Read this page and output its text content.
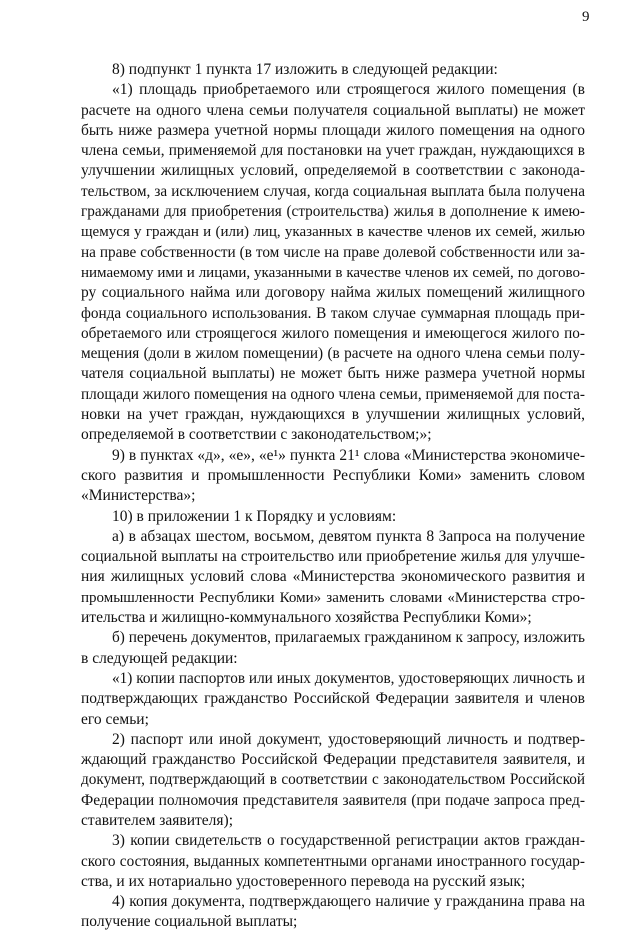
9
8) подпункт 1 пункта 17 изложить в следующей редакции:
«1) площадь приобретаемого или строящегося жилого помещения (в
расчете на одного члена семьи получателя социальной выплаты) не может
быть ниже размера учетной нормы площади жилого помещения на одного
члена семьи, применяемой для постановки на учет граждан, нуждающихся в
улучшении жилищных условий, определяемой в соответствии с законода-
тельством, за исключением случая, когда социальная выплата была получена
гражданами для приобретения (строительства) жилья в дополнение к имею-
щемуся у граждан и (или) лиц, указанных в качестве членов их семей, жилью
на праве собственности (в том числе на праве долевой собственности или за-
нимаемому ими и лицами, указанными в качестве членов их семей, по догово-
ру социального найма или договору найма жилых помещений жилищного
фонда социального использования. В таком случае суммарная площадь при-
обретаемого или строящегося жилого помещения и имеющегося жилого по-
мещения (доли в жилом помещении) (в расчете на одного члена семьи полу-
чателя социальной выплаты) не может быть ниже размера учетной нормы
площади жилого помещения на одного члена семьи, применяемой для поста-
новки на учет граждан, нуждающихся в улучшении жилищных условий,
определяемой в соответствии с законодательством;»;
9) в пунктах «д», «е», «е¹» пункта 21¹ слова «Министерства экономиче-
ского развития и промышленности Республики Коми» заменить словом
«Министерства»;
10) в приложении 1 к Порядку и условиям:
а) в абзацах шестом, восьмом, девятом пункта 8 Запроса на получение
социальной выплаты на строительство или приобретение жилья для улучше-
ния жилищных условий слова «Министерства экономического развития и
промышленности Республики Коми» заменить словами «Министерства стро-
ительства и жилищно-коммунального хозяйства Республики Коми»;
б) перечень документов, прилагаемых гражданином к запросу, изложить
в следующей редакции:
«1) копии паспортов или иных документов, удостоверяющих личность и
подтверждающих гражданство Российской Федерации заявителя и членов
его семьи;
2) паспорт или иной документ, удостоверяющий личность и подтвер-
ждающий гражданство Российской Федерации представителя заявителя, и
документ, подтверждающий в соответствии с законодательством Российской
Федерации полномочия представителя заявителя (при подаче запроса пред-
ставителем заявителя);
3) копии свидетельств о государственной регистрации актов граждан-
ского состояния, выданных компетентными органами иностранного государ-
ства, и их нотариально удостоверенного перевода на русский язык;
4) копия документа, подтверждающего наличие у гражданина права на
получение социальной выплаты;
